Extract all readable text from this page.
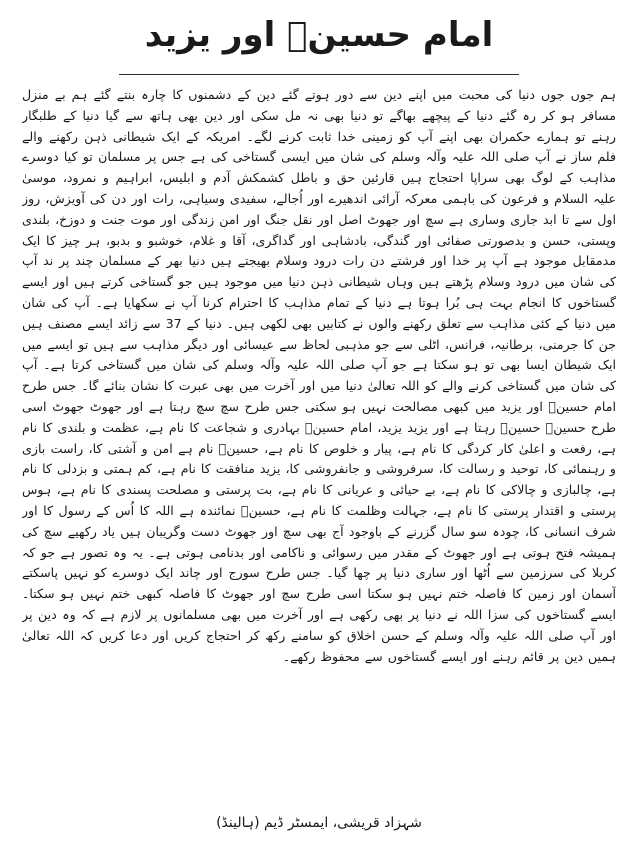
امام حسینؓ اور یزید

ہم جوں جوں دنیا کی محبت میں اپنے دین سے دور ہوتے گئے دین کے دشمنوں کا چارہ بنتے گئے ہم بے منزل مسافر ہو کر رہ گئے دنیا کے پیچھے بھاگے تو دنیا بھی نہ مل سکی اور دین بھی ہاتھ سے گیا دنیا کے طلبگار رہنے تو ہمارے حکمران بھی اپنے آپ کو زمینی خدا ثابت کرنے لگے۔ امریکہ کے ایک شیطانی ذہن رکھنے والے فلم ساز نے آپ صلی اللہ علیہ وآلہ وسلم کی شان میں ایسی گستاخی کی ہے جس پر مسلمان تو کیا دوسرے مذاہب کے لوگ بھی سراپا احتجاج ہیں قارئین حق و باطل کشمکش آدم و ابلیس، ابراہیم و نمرود، موسیٰ علیہ السلام و فرعون کی باہمی معرکہ آرائی اندھیرے اور اُجالے، سفیدی وسیاہی، رات اور دن کی آویزش، روز اول سے تا ابد جاری وساری ہے سچ اور جھوٹ اصل اور نقل جنگ اور امن زندگی اور موت جنت و دوزخ، بلندی وپستی، حسن و بدصورتی صفائی اور گندگی، بادشاہی اور گداگری، آقا و غلام، خوشبو و بدبو، ہر چیز کا ایک مدمقابل موجود ہے آپ پر خدا اور فرشتے دن رات درود وسلام بھیجتے ہیں دنیا بھر کے مسلمان چند پر ند آپ کی شان میں درود وسلام پڑھتے ہیں وہاں شیطانی ذہن دنیا میں موجود ہیں جو گستاخی کرتے ہیں اور ایسے گستاخوں کا انجام بہت ہی بُرا ہوتا ہے دنیا کے تمام مذاہب کا احترام کرنا آپ نے سکھایا ہے۔ آپ کی شان میں دنیا کے کئی مذاہب سے تعلق رکھنے والوں نے کتابیں بھی لکھی ہیں۔ دنیا کے 37 سے زائد ایسے مصنف ہیں جن کا جرمنی، برطانیہ، فرانس، اٹلی سے جو مذہبی لحاظ سے عیسائی اور دیگر مذاہب سے ہیں تو ایسے میں ایک شیطان ایسا بھی تو ہو سکتا ہے جو آپ صلی اللہ علیہ وآلہ وسلم کی شان میں گستاخی کرتا ہے۔ آپ کی شان میں گستاخی کرنے والے کو اللہ تعالیٰ دنیا میں اور آخرت میں بھی عبرت کا نشان بنائے گا۔ جس طرح امام حسینؓ اور یزید میں کبھی مصالحت نہیں ہو سکتی جس طرح سچ سچ رہتا ہے اور جھوٹ جھوٹ اسی طرح حسینؓ حسینؓ رہتا ہے اور یزید یزید، امام حسینؓ بہادری و شجاعت کا نام ہے، عظمت و بلندی کا نام ہے، رفعت و اعلیٰ کار کردگی کا نام ہے، پیار و خلوص کا نام ہے، حسینؓ نام ہے امن و آشتی کا، راست بازی و رہنمائی کا، توحید و رسالت کا، سرفروشی و جانفروشی کا، یزید منافقت کا نام ہے، کم ہمتی و بزدلی کا نام ہے، چالبازی و چالاکی کا نام ہے، بے حیائی و عریانی کا نام ہے، بت پرستی و مصلحت پسندی کا نام ہے، ہوس پرستی و اقتدار پرستی کا نام ہے، جہالت وظلمت کا نام ہے، حسینؓ نمائندہ ہے اللہ کا اُس کے رسول کا اور شرف انسانی کا، چودہ سو سال گزرنے کے باوجود آج بھی سچ اور جھوٹ دست وگریبان ہیں یاد رکھیے سچ کی ہمیشہ فتح ہوتی ہے اور جھوٹ کے مقدر میں رسوائی و ناکامی اور بدنامی ہوتی ہے۔ یہ وہ تصور ہے جو کہ کربلا کی سرزمین سے اُٹھا اور ساری دنیا پر چھا گیا۔ جس طرح سورج اور چاند ایک دوسرے کو نہیں پاسکتے آسمان اور زمین کا فاصلہ ختم نہیں ہو سکتا اسی طرح سچ اور جھوٹ کا فاصلہ کبھی ختم نہیں ہو سکتا۔ ایسے گستاخوں کی سزا اللہ نے دنیا پر بھی رکھی ہے اور آخرت میں بھی مسلمانوں پر لازم ہے کہ وہ دین پر اور آپ صلی اللہ علیہ وآلہ وسلم کے حسن اخلاق کو سامنے رکھ کر احتجاج کریں اور دعا کریں کہ اللہ تعالیٰ ہمیں دین پر قائم رہنے اور ایسے گستاخوں سے محفوظ رکھے۔

شہزاد قریشی، ایمسٹر ڈیم (ہالینڈ)
